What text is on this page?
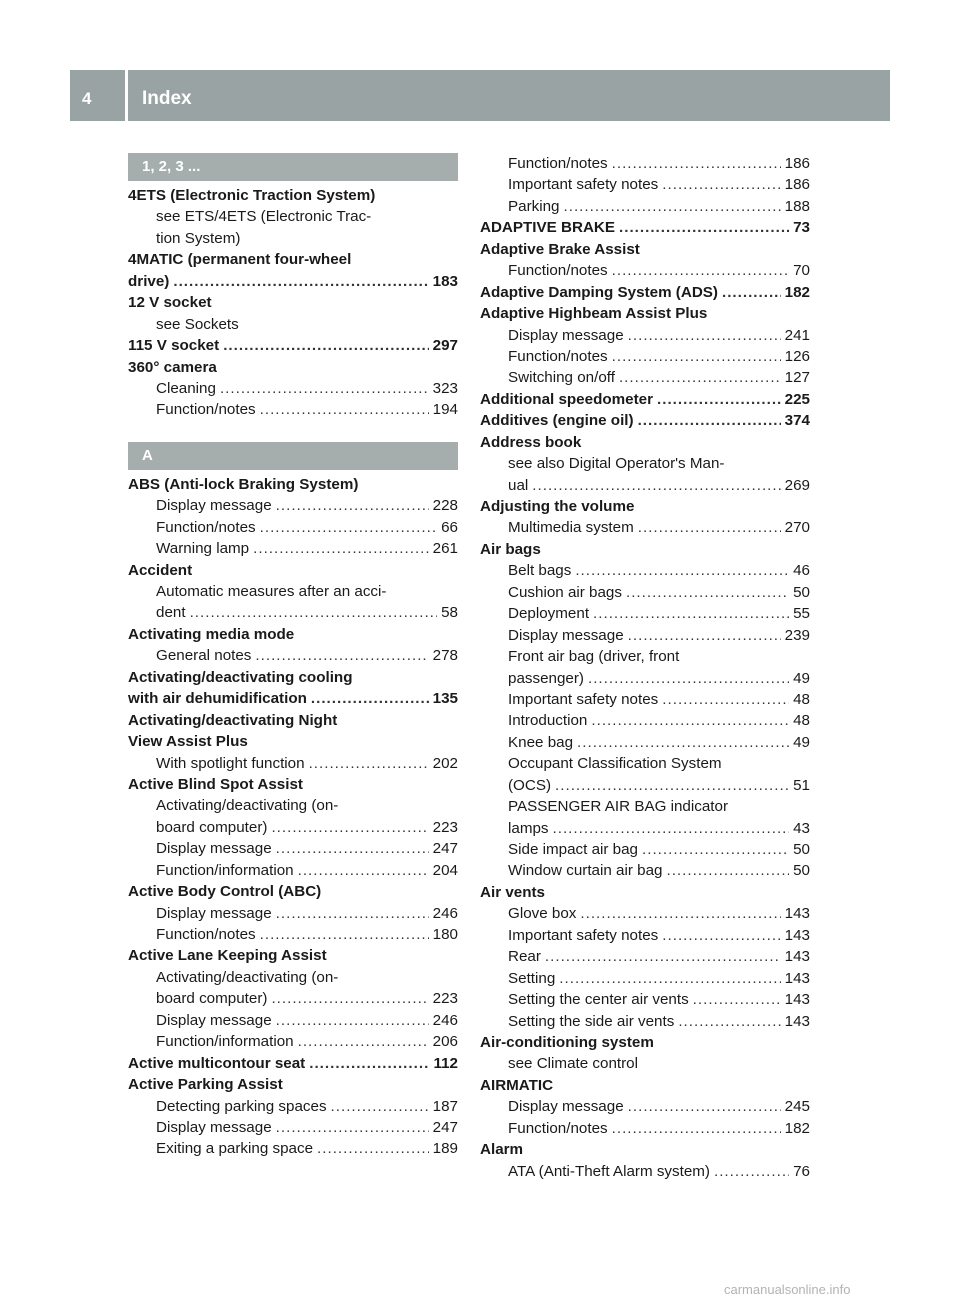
4	Index
1, 2, 3 ...
4ETS (Electronic Traction System)
see ETS/4ETS (Electronic Trac-
tion System)
4MATIC (permanent four-wheel
drive) .....	183
12 V socket
see Sockets
115 V socket .....	297
360° camera
Cleaning .....	323
Function/notes .....	194
A
ABS (Anti-lock Braking System)
Display message .....	228
Function/notes .....	66
Warning lamp .....	261
Accident
Automatic measures after an acci-
dent .....	58
Activating media mode
General notes .....	278
Activating/deactivating cooling
with air dehumidification .....	135
Activating/deactivating Night
View Assist Plus
With spotlight function .....	202
Active Blind Spot Assist
Activating/deactivating (on-
board computer) .....	223
Display message .....	247
Function/information .....	204
Active Body Control (ABC)
Display message .....	246
Function/notes .....	180
Active Lane Keeping Assist
Activating/deactivating (on-
board computer) .....	223
Display message .....	246
Function/information .....	206
Active multicontour seat .....	112
Active Parking Assist
Detecting parking spaces .....	187
Display message .....	247
Exiting a parking space .....	189
Function/notes .....	186
Important safety notes .....	186
Parking .....	188
ADAPTIVE BRAKE .....	73
Adaptive Brake Assist
Function/notes .....	70
Adaptive Damping System (ADS) .....	182
Adaptive Highbeam Assist Plus
Display message .....	241
Function/notes .....	126
Switching on/off .....	127
Additional speedometer .....	225
Additives (engine oil) .....	374
Address book
see also Digital Operator's Man-
ual .....	269
Adjusting the volume
Multimedia system .....	270
Air bags
Belt bags .....	46
Cushion air bags .....	50
Deployment .....	55
Display message .....	239
Front air bag (driver, front
passenger) .....	49
Important safety notes .....	48
Introduction .....	48
Knee bag .....	49
Occupant Classification System
(OCS) .....	51
PASSENGER AIR BAG indicator
lamps .....	43
Side impact air bag .....	50
Window curtain air bag .....	50
Air vents
Glove box .....	143
Important safety notes .....	143
Rear .....	143
Setting .....	143
Setting the center air vents .....	143
Setting the side air vents .....	143
Air-conditioning system
see Climate control
AIRMATIC
Display message .....	245
Function/notes .....	182
Alarm
ATA (Anti-Theft Alarm system) .....	76
carmanualsonline.info
